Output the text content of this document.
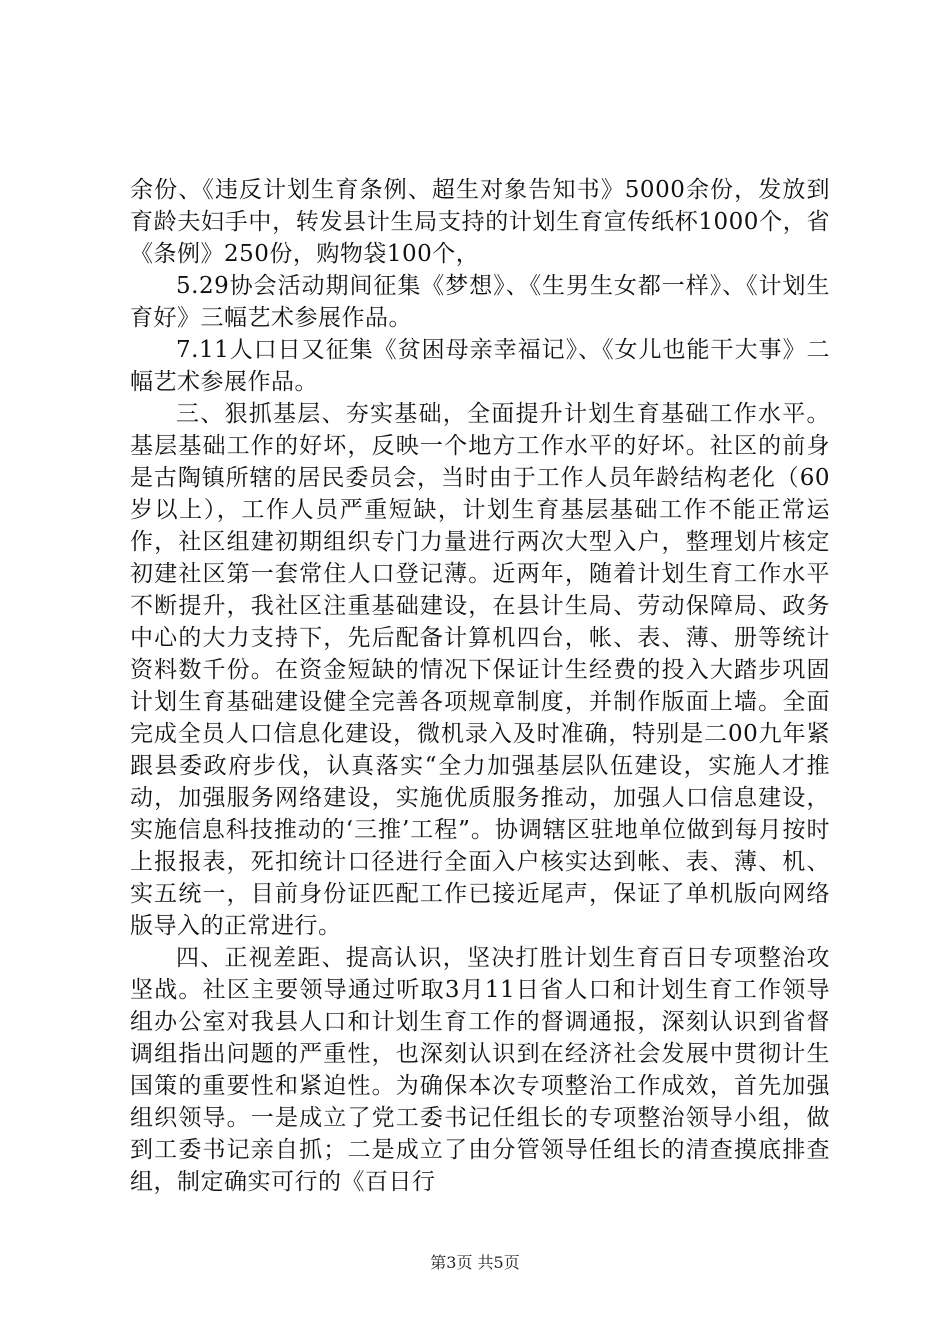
余份、《违反计划生育条例、超生对象告知书》5000余份，发放到育龄夫妇手中，转发县计生局支持的计划生育宣传纸杯1000个，省《条例》250份，购物袋100个，

5.29协会活动期间征集《梦想》、《生男生女都一样》、《计划生育好》三幅艺术参展作品。

7.11人口日又征集《贫困母亲幸福记》、《女儿也能干大事》二幅艺术参展作品。

三、狠抓基层、夯实基础，全面提升计划生育基础工作水平。基层基础工作的好坏，反映一个地方工作水平的好坏。社区的前身是古陶镇所辖的居民委员会，当时由于工作人员年龄结构老化（60岁以上），工作人员严重短缺，计划生育基层基础工作不能正常运作，社区组建初期组织专门力量进行两次大型入户，整理划片核定初建社区第一套常住人口登记薄。近两年，随着计划生育工作水平不断提升，我社区注重基础建设，在县计生局、劳动保障局、政务中心的大力支持下，先后配备计算机四台，帐、表、薄、册等统计资料数千份。在资金短缺的情况下保证计生经费的投入大踏步巩固计划生育基础建设健全完善各项规章制度，并制作版面上墙。全面完成全员人口信息化建设，微机录入及时准确，特别是二00九年紧跟县委政府步伐，认真落实“全力加强基层队伍建设，实施人才推动，加强服务网络建设，实施优质服务推动，加强人口信息建设，实施信息科技推动的‘三推’工程”。协调辖区驻地单位做到每月按时上报报表，死扣统计口径进行全面入户核实达到帐、表、薄、机、实五统一，目前身份证匹配工作已接近尾声，保证了单机版向网络版导入的正常进行。

四、正视差距、提高认识，坚决打胜计划生育百日专项整治攻坚战。社区主要领导通过听取3月11日省人口和计划生育工作领导组办公室对我县人口和计划生育工作的督调通报，深刻认识到省督调组指出问题的严重性，也深刻认识到在经济社会发展中贯彻计生国策的重要性和紧迫性。为确保本次专项整治工作成效，首先加强组织领导。一是成立了党工委书记任组长的专项整治领导小组，做到工委书记亲自抓；二是成立了由分管领导任组长的清查摸底排查组，制定确实可行的《百日行

第3页 共5页
